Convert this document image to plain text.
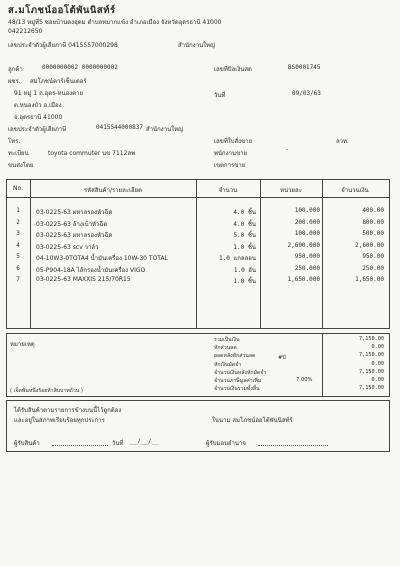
ส.มโภชน์ออโต้พันนิสท์ร์
48/13 หมู่ที่5 ซอยบ้านดงอุดม ตำบลหมากแข้ง อำเภอเมือง จังหวัดอุดรธานี 41000
042212650
เลขประจำตัวผู้เสียภาษี 0415557000298	สำนักงานใหญ่
ลูกค้า	0000000002 0000000002
ผชร. สมโภชน์คาร์เซ็นเตอร์
91 หมู่ 1 ถ.อุดร-หนองคาย
ต.หนองบัว อ.เมือง
จ.อุดรธานี 41000
เลขประจำตัวผู้เสียภาษี	0415544000837 สำนักงานใหญ่
โทร.
ทะเบียน	toyota commuter นข 7112ลพ
ขนส่งโดย
เลขที่บิลเงินสด	BS0001745
วันที่	09/03/63
เลขที่ใบสั่งขาย	ลวท.
พนักงานขาย
-
เขตการขาย
No.	รหัสสินค้า/รายละเอียด	จำนวน	หน่วยละ	จำนวนเงิน
1	03-0225-63 ผหาลรองหัวฉีด	4.0 ชิ้น	100.000	400.00
2	03-0225-63 ล้างเบ้าหัวฉีด	4.0 ชิ้น	200.000	800.00
3	03-0225-63 ผหาลรองหัวฉีด	5.0 ชิ้น	100.000	500.00
4	03-0225-63 scv วาล์ว	1.0 ชิ้น	2,600.000	2,600.00
5	04-10W3-0TOTA4 น้ำมันเครื่อง 10W-30 TOTAL	1.0 แกลลอน	950.000	950.00
6	05-P904-18A ไส้กรองน้ำมันเครื่อง VIGO	1.0 อัน	250.000	250.00
7	03-0225-63 MAXXIS 215/70R15	1.0 ชิ้น	1,650.000	1,650.00
หมายเหตุ
( เจ็ดพันหนึ่งร้อยห้าสิบบาทถ้วน )
รวมเป็นเงิน	7,150.00
หักส่วนลด	0.00
ยอดหลังหักส่วนลด	7,150.00
หักเงินมัดจำ	0.00
จำนวนเงินหลังหักมัดจำ	7,150.00
จำนวนภาษีมูลค่าเพิ่ม	0.00
จำนวนเงินรวมทั้งสิ้น	7,150.00
#ปิ
7.00%
ได้รับสินค้าตามรายการข้างบนนี้ไว้ถูกต้อง
และอยู่ในสภาพเรียบร้อยทุกประการ	ในนาม สมโภชน์ออโต้พันนิสท์ร์
ผู้รับสินค้า	วันที่ __/__/__	ผู้รับมอบอำนาจ
